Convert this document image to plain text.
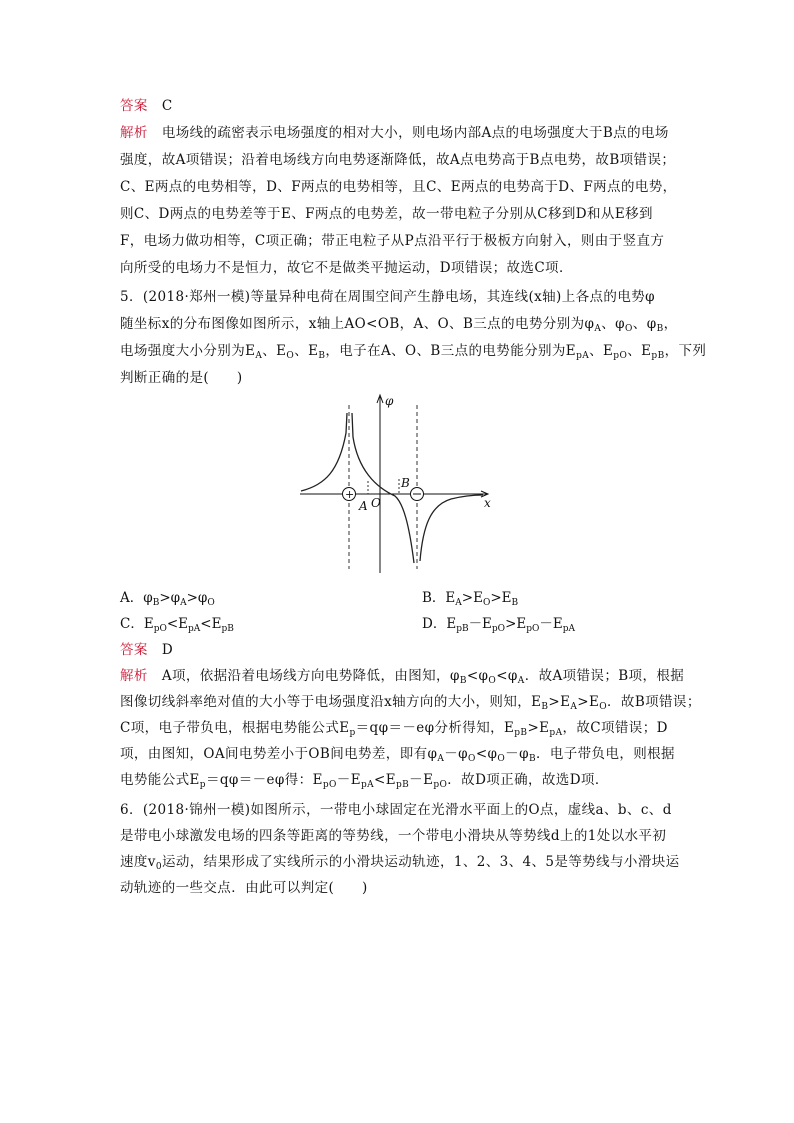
答案 C
解析 电场线的疏密表示电场强度的相对大小，则电场内部A点的电场强度大于B点的电场
强度，故A项错误；沿着电场线方向电势逐渐降低，故A点电势高于B点电势，故B项错误；
C、E两点的电势相等，D、F两点的电势相等，且C、E两点的电势高于D、F两点的电势，
则C、D两点的电势差等于E、F两点的电势差，故一带电粒子分别从C移到D和从E移到
F，电场力做功相等，C项正确；带正电粒子从P点沿平行于极板方向射入，则由于竖直方
向所受的电场力不是恒力，故它不是做类平抛运动，D项错误；故选C项．
5．(2018·郑州一模)等量异种电荷在周围空间产生静电场，其连线(x轴)上各点的电势φ
随坐标x的分布图像如图所示，x轴上AO<OB，A、O、B三点的电势分别为$\varphi_A$、$\varphi_O$、$\varphi_B$，
电场强度大小分别为$E_A$、$E_O$、$E_B$，电子在A、O、B三点的电势能分别为$E_{pA}$、$E_{pO}$、$E_{pB}$，下列
判断正确的是(　　)
+
φ
x
A O
B
A．$\varphi_B>\varphi_A>\varphi_O$	B．$E_A>E_O>E_B$
C．$E_{pO}<E_{pA}<E_{pB}$	D．$E_{pB}-E_{pO}>E_{pO}-E_{pA}$
答案 D
解析 A项，依据沿着电场线方向电势降低，由图知，$\varphi_B<\varphi_O<\varphi_A$．故A项错误；B项，根据
图像切线斜率绝对值的大小等于电场强度沿x轴方向的大小，则知，$E_B>E_A>E_O$．故B项错误；
C项，电子带负电，根据电势能公式$E_p=q\varphi=-e\varphi$分析得知，$E_{pB}>E_{pA}$，故C项错误；D
项，由图知，OA间电势差小于OB间电势差，即有$\varphi_A-\varphi_O<\varphi_O-\varphi_B$．电子带负电，则根据
电势能公式$E_p=q\varphi=-e\varphi$得：$E_{pO}-E_{pA}<E_{pB}-E_{pO}$．故D项正确，故选D项．
6．(2018·锦州一模)如图所示，一带电小球固定在光滑水平面上的O点，虚线a、b、c、d
是带电小球激发电场的四条等距离的等势线，一个带电小滑块从等势线d上的1处以水平初
速度$v_0$运动，结果形成了实线所示的小滑块运动轨迹，1、2、3、4、5是等势线与小滑块运
动轨迹的一些交点．由此可以判定(　　)
